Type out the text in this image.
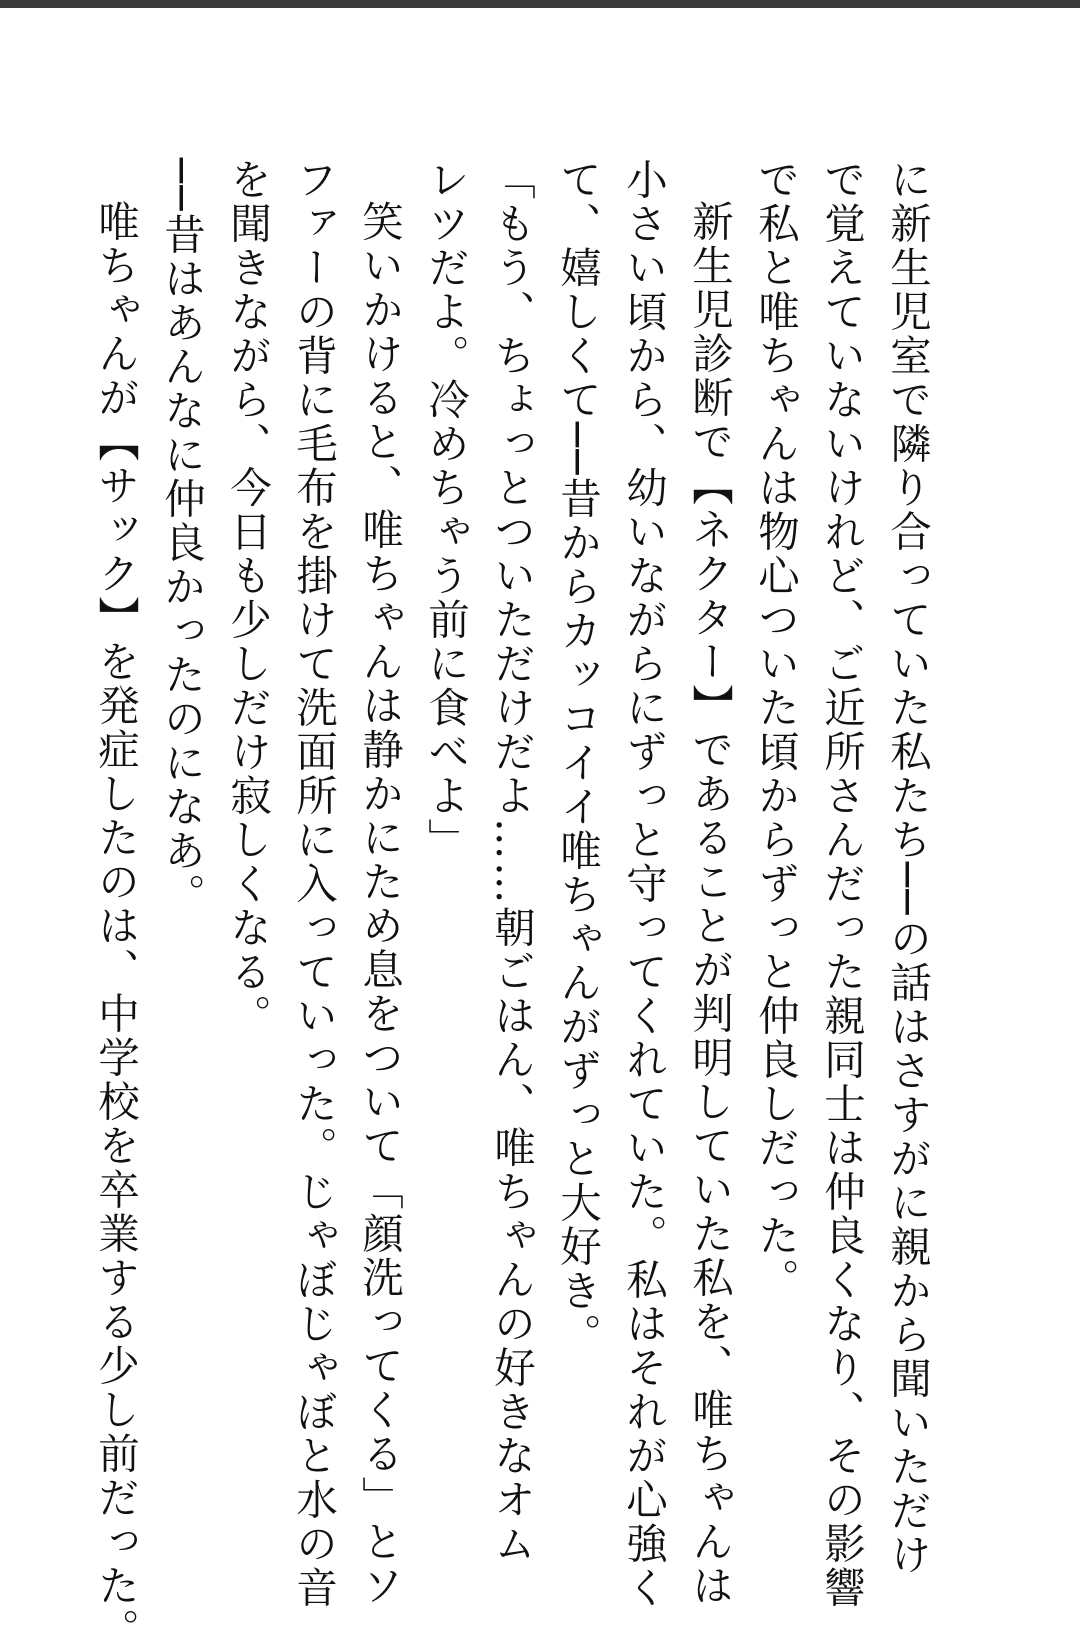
に新生児室で隣り合っていた私たち──の話はさすがに親から聞いただけ
で覚えていないけれど、ご近所さんだった親同士は仲良くなり、その影響
で私と唯ちゃんは物心ついた頃からずっと仲良しだった。
新生児診断で【ネクター】であることが判明していた私を、唯ちゃんは
小さい頃から、幼いながらにずっと守ってくれていた。私はそれが心強く
て、嬉しくて──昔からカッコイイ唯ちゃんがずっと大好き。
「もう、ちょっとついただけだよ……朝ごはん、唯ちゃんの好きなオム
レツだよ。冷めちゃう前に食べよ」
笑いかけると、唯ちゃんは静かにため息をついて「顔洗ってくる」とソ
ファーの背に毛布を掛けて洗面所に入っていった。じゃぼじゃぼと水の音
を聞きながら、今日も少しだけ寂しくなる。
──昔はあんなに仲良かったのになあ。
唯ちゃんが【サック】を発症したのは、中学校を卒業する少し前だった。
